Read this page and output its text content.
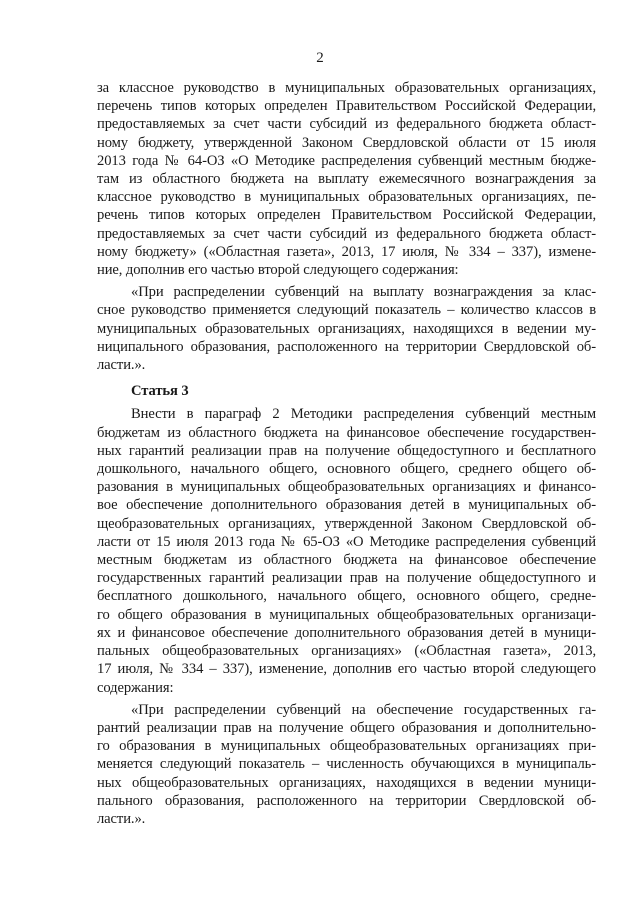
2
за классное руководство в муниципальных образовательных организациях,
перечень типов которых определен Правительством Российской Федерации,
предоставляемых за счет части субсидий из федерального бюджета област-
ному бюджету, утвержденной Законом Свердловской области от 15 июля
2013 года № 64-ОЗ «О Методике распределения субвенций местным бюдже-
там из областного бюджета на выплату ежемесячного вознаграждения за
классное руководство в муниципальных образовательных организациях, пе-
речень типов которых определен Правительством Российской Федерации,
предоставляемых за счет части субсидий из федерального бюджета област-
ному бюджету» («Областная газета», 2013, 17 июля, № 334 – 337), измене-
ние, дополнив его частью второй следующего содержания:
«При распределении субвенций на выплату вознаграждения за клас-
сное руководство применяется следующий показатель – количество классов в
муниципальных образовательных организациях, находящихся в ведении му-
ниципального образования, расположенного на территории Свердловской об-
ласти.».
Статья 3
Внести в параграф 2 Методики распределения субвенций местным
бюджетам из областного бюджета на финансовое обеспечение государствен-
ных гарантий реализации прав на получение общедоступного и бесплатного
дошкольного, начального общего, основного общего, среднего общего об-
разования в муниципальных общеобразовательных организациях и финансо-
вое обеспечение дополнительного образования детей в муниципальных об-
щеобразовательных организациях, утвержденной Законом Свердловской об-
ласти от 15 июля 2013 года № 65-ОЗ «О Методике распределения субвенций
местным бюджетам из областного бюджета на финансовое обеспечение
государственных гарантий реализации прав на получение общедоступного и
бесплатного дошкольного, начального общего, основного общего, средне-
го общего образования в муниципальных общеобразовательных организаци-
ях и финансовое обеспечение дополнительного образования детей в муници-
пальных общеобразовательных организациях» («Областная газета», 2013,
17 июля, № 334 – 337), изменение, дополнив его частью второй следующего
содержания:
«При распределении субвенций на обеспечение государственных га-
рантий реализации прав на получение общего образования и дополнительно-
го образования в муниципальных общеобразовательных организациях при-
меняется следующий показатель – численность обучающихся в муниципаль-
ных общеобразовательных организациях, находящихся в ведении муници-
пального образования, расположенного на территории Свердловской об-
ласти.».
